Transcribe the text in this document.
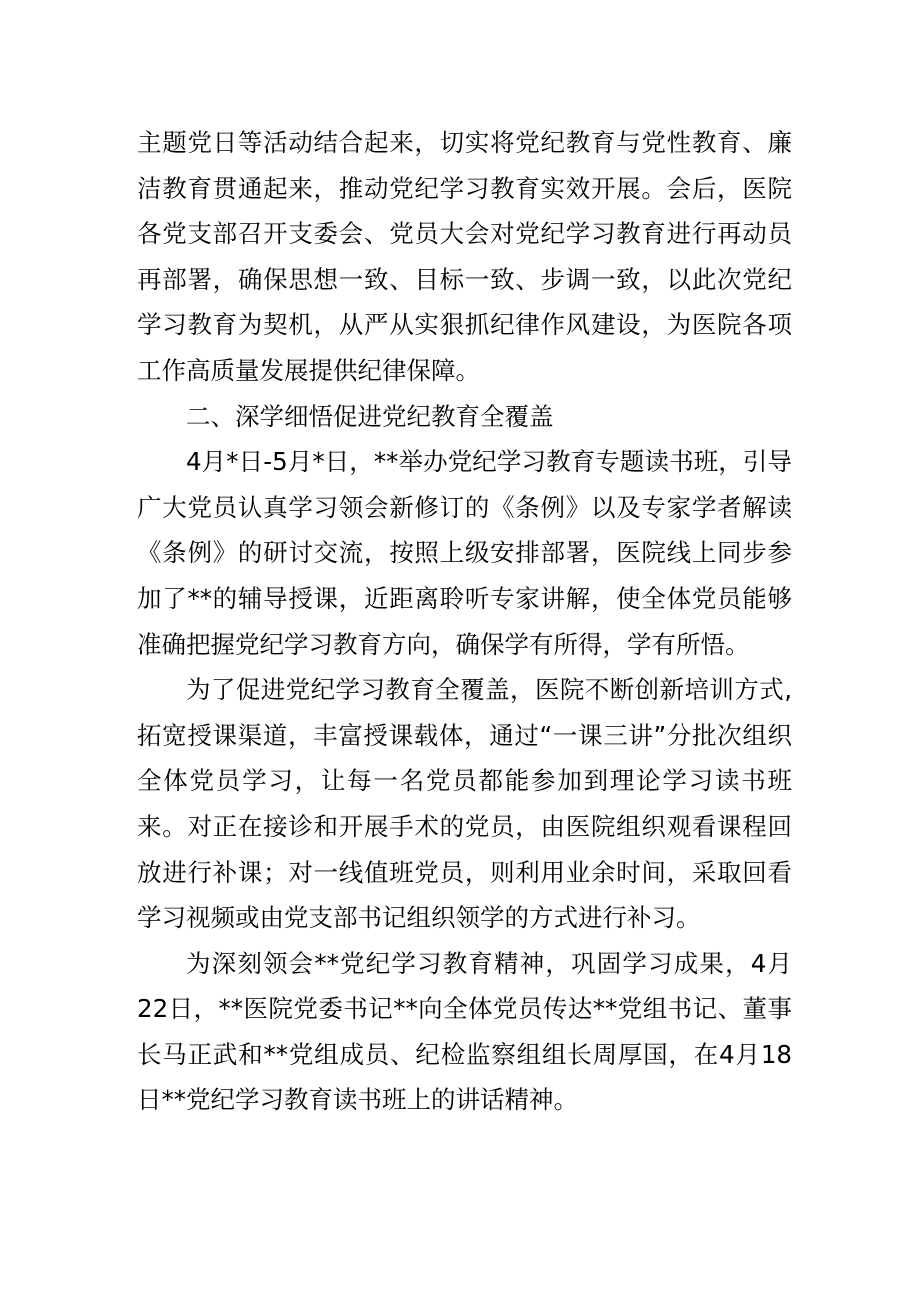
主题党日等活动结合起来，切实将党纪教育与党性教育、廉洁教育贯通起来，推动党纪学习教育实效开展。会后，医院各党支部召开支委会、党员大会对党纪学习教育进行再动员再部署，确保思想一致、目标一致、步调一致，以此次党纪学习教育为契机，从严从实狠抓纪律作风建设，为医院各项工作高质量发展提供纪律保障。

二、深学细悟促进党纪教育全覆盖

4月*日-5月*日，**举办党纪学习教育专题读书班，引导广大党员认真学习领会新修订的《条例》以及专家学者解读《条例》的研讨交流，按照上级安排部署，医院线上同步参加了**的辅导授课，近距离聆听专家讲解，使全体党员能够准确把握党纪学习教育方向，确保学有所得，学有所悟。

为了促进党纪学习教育全覆盖，医院不断创新培训方式,拓宽授课渠道，丰富授课载体，通过“一课三讲”分批次组织全体党员学习，让每一名党员都能参加到理论学习读书班来。对正在接诊和开展手术的党员，由医院组织观看课程回放进行补课；对一线值班党员，则利用业余时间，采取回看学习视频或由党支部书记组织领学的方式进行补习。

为深刻领会**党纪学习教育精神，巩固学习成果，4月22日，**医院党委书记**向全体党员传达**党组书记、董事长马正武和**党组成员、纪检监察组组长周厚国，在4月18日**党纪学习教育读书班上的讲话精神。
